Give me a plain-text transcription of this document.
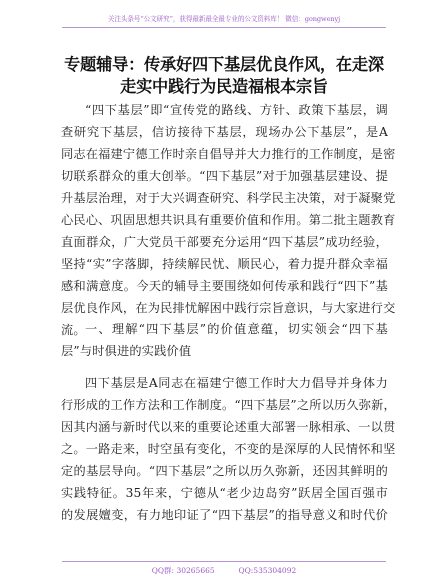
关注头条号“公文研究”，获得最新最全最专业的公文资料库！ 微信：gongwenyj
专题辅导：传承好四下基层优良作风，在走深
走实中践行为民造福根本宗旨
“四下基层”即“宣传党的路线、方针、政策下基层，调
查研究下基层，信访接待下基层，现场办公下基层”，是A
同志在福建宁德工作时亲自倡导并大力推行的工作制度，是密
切联系群众的重大创举。“四下基层”对于加强基层建设、提
升基层治理，对于大兴调查研究、科学民主决策，对于凝聚党
心民心、巩固思想共识具有重要价值和作用。第二批主题教育
直面群众，广大党员干部要充分运用“四下基层”成功经验，
坚持“实”字落脚，持续解民忧、顺民心，着力提升群众幸福
感和满意度。今天的辅导主要围绕如何传承和践行“四下”基
层优良作风，在为民排忧解困中践行宗旨意识，与大家进行交
流。 一、理解“四下基层”的价值意蕴，切实领会“四下基
层”与时俱进的实践价值
四下基层是A同志在福建宁德工作时大力倡导并身体力
行形成的工作方法和工作制度。“四下基层”之所以历久弥新，
因其内涵与新时代以来的重要论述重大部署一脉相承、一以贯
之。一路走来，时空虽有变化，不变的是深厚的人民情怀和坚
定的基层导向。“四下基层”之所以历久弥新，还因其鲜明的
实践特征。35年来，宁德从“老少边岛穷”跃居全国百强市
的发展嬗变，有力地印证了“四下基层”的指导意义和时代价
QQ群: 30265665          QQ:535304092
